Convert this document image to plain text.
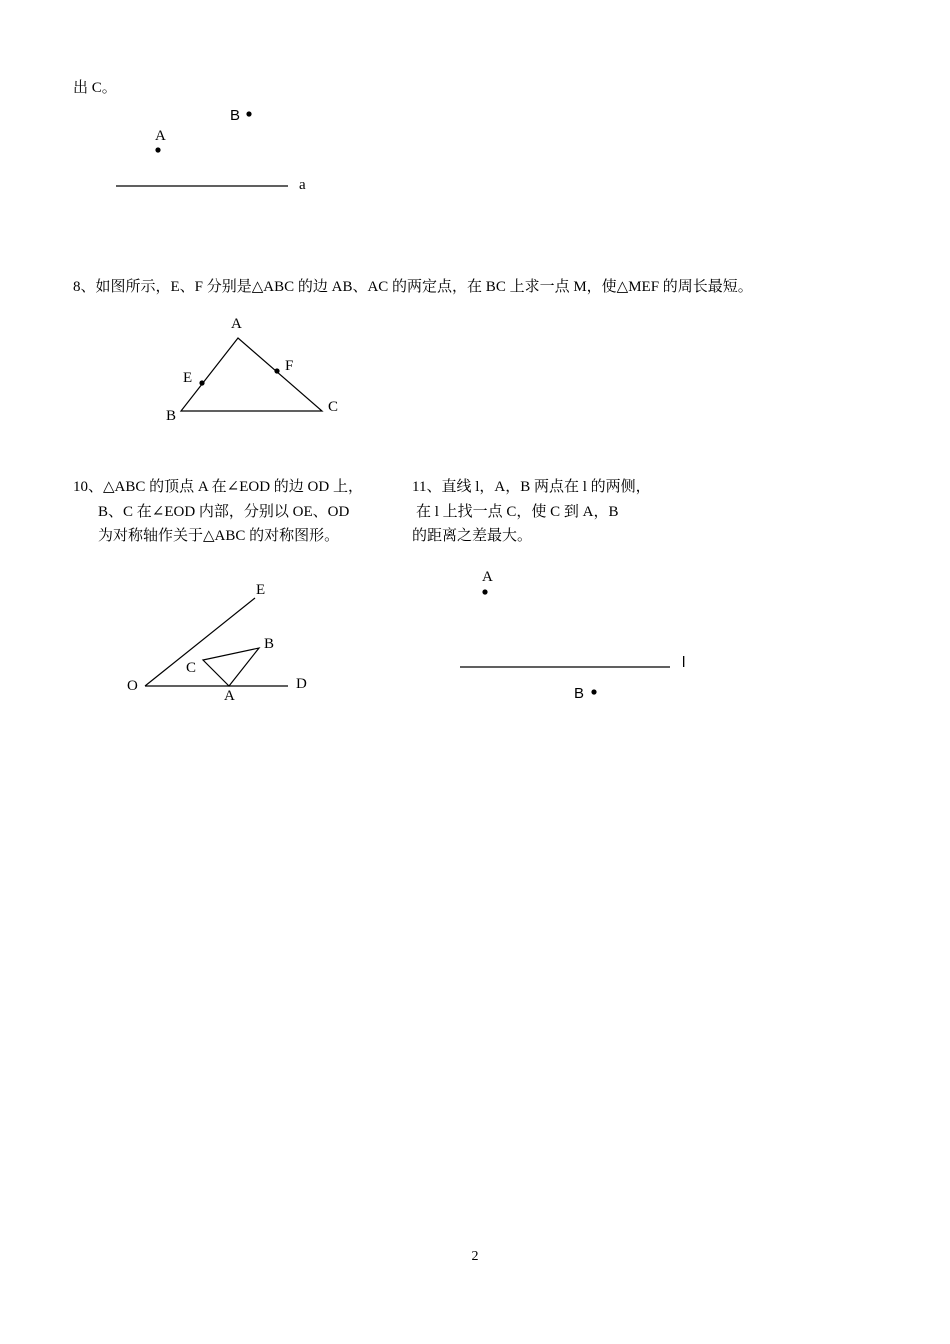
出 C。
B
A
a
8、如图所示，E、F 分别是△ABC 的边 AB、AC 的两定点，在 BC 上求一点 M，使△MEF 的周长最短。
A
E
F
B
C
10、△ABC 的顶点 A 在∠EOD 的边 OD 上，
B、C 在∠EOD 内部，分别以 OE、OD
为对称轴作关于△ABC 的对称图形。
E
B
C
O
A
D
11、直线 l，A，B 两点在 l 的两侧，
在 l 上找一点 C，使 C 到 A，B
的距离之差最大。
A
l
B
2
